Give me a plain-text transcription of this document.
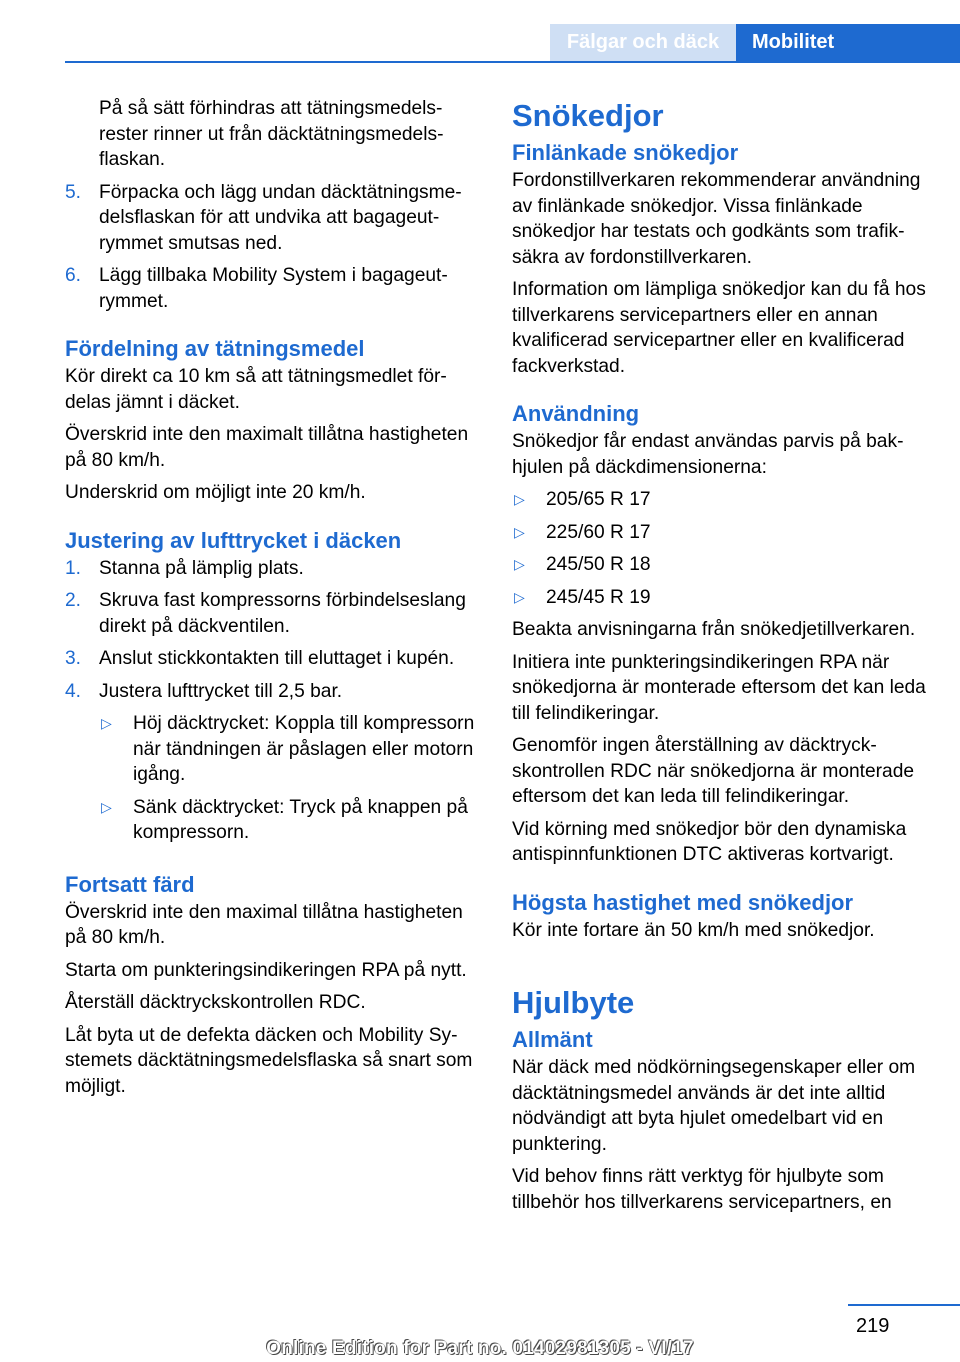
Fälgar och däck	Mobilitet

På så sätt förhindras att tätningsmedelsrester rinner ut från däcktätningsmedelsflaskan.

5. Förpacka och lägg undan däcktätningsmedelsflaskan för att undvika att bagageutrymmet smutsas ned.
6. Lägg tillbaka Mobility System i bagageutrymmet.
Fördelning av tätningsmedel

Kör direkt ca 10 km så att tätningsmedlet fördelas jämnt i däcket.

Överskrid inte den maximalt tillåtna hastigheten på 80 km/h.

Underskrid om möjligt inte 20 km/h.

Justering av lufttrycket i däcken
1. Stanna på lämplig plats.
2. Skruva fast kompressorns förbindelseslang direkt på däckventilen.
3. Anslut stickkontakten till eluttaget i kupén.
4. Justera lufttrycket till 2,5 bar.
▷ Höj däcktrycket: Koppla till kompressorn när tändningen är påslagen eller motorn igång.
▷ Sänk däcktrycket: Tryck på knappen på kompressorn.
Fortsatt färd

Överskrid inte den maximal tillåtna hastigheten på 80 km/h.

Starta om punkteringsindikeringen RPA på nytt.

Återställ däcktryckskontrollen RDC.

Låt byta ut de defekta däcken och Mobility Systemets däcktätningsmedelsflaska så snart som möjligt.

Snökedjor
Finlänkade snökedjor

Fordonstillverkaren rekommenderar användning av finlänkade snökedjor. Vissa finlänkade snökedjor har testats och godkänts som trafiksäkra av fordonstillverkaren.

Information om lämpliga snökedjor kan du få hos tillverkarens servicepartners eller en annan kvalificerad servicepartner eller en kvalificerad fackverkstad.

Användning

Snökedjor får endast användas parvis på bakhjulen på däckdimensionerna:

▷ 205/65 R 17
▷ 225/60 R 17
▷ 245/50 R 18
▷ 245/45 R 19

Beakta anvisningarna från snökedjetillverkaren.

Initiera inte punkteringsindikeringen RPA när snökedjorna är monterade eftersom det kan leda till felindikeringar.

Genomför ingen återställning av däcktryckskontrollen RDC när snökedjorna är monterade eftersom det kan leda till felindikeringar.

Vid körning med snökedjor bör den dynamiska antispinnfunktionen DTC aktiveras kortvarigt.

Högsta hastighet med snökedjor

Kör inte fortare än 50 km/h med snökedjor.

Hjulbyte
Allmänt

När däck med nödkörningsegenskaper eller om däcktätningsmedel används är det inte alltid nödvändigt att byta hjulet omedelbart vid en punktering.

Vid behov finns rätt verktyg för hjulbyte som tillbehör hos tillverkarens servicepartners, en

219
Online Edition for Part no. 01402981305 - VI/17
